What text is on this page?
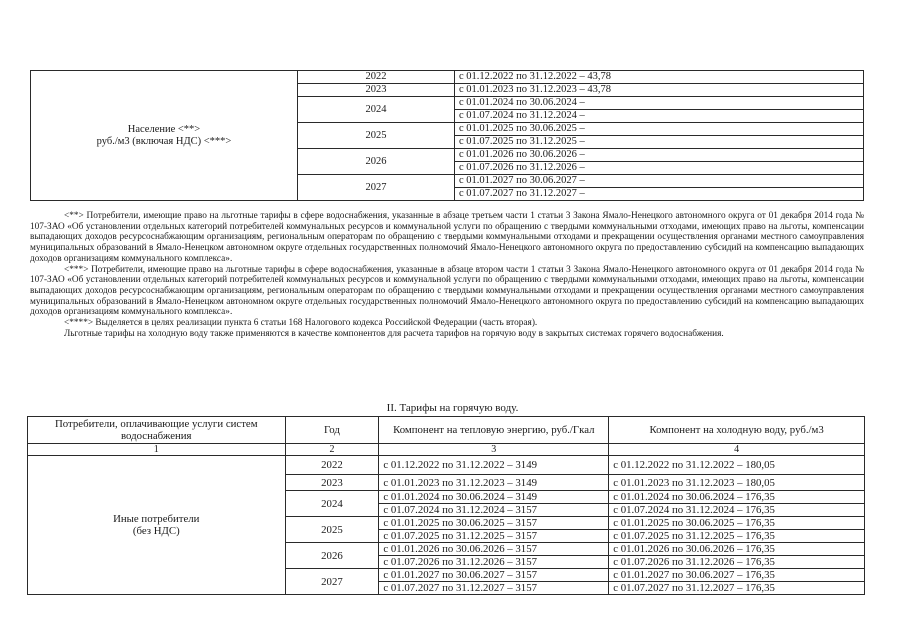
Население <**>
руб./м3 (включая НДС) <***>	2022	с 01.12.2022 по 31.12.2022 – 43,78
	2023	с 01.01.2023 по 31.12.2023 – 43,78
	2024	с 01.01.2024 по 30.06.2024 –
		с 01.07.2024 по 31.12.2024 –
	2025	с 01.01.2025 по 30.06.2025 –
		с 01.07.2025 по 31.12.2025 –
	2026	с 01.01.2026 по 30.06.2026 –
		с 01.07.2026 по 31.12.2026 –
	2027	с 01.01.2027 по 30.06.2027 –
		с 01.07.2027 по 31.12.2027 –

<**> Потребители, имеющие право на льготные тарифы в сфере водоснабжения, указанные в абзаце третьем части 1 статьи 3 Закона Ямало-Ненецкого автономного округа от 01 декабря 2014 года № 107-ЗАО «Об установлении отдельных категорий потребителей коммунальных ресурсов и коммунальной услуги по обращению с твердыми коммунальными отходами, имеющих право на льготы, компенсации выпадающих доходов ресурсоснабжающим организациям, региональным операторам по обращению с твердыми коммунальными отходами и прекращении осуществления органами местного самоуправления муниципальных образований в Ямало-Ненецком автономном округе отдельных государственных полномочий Ямало-Ненецкого автономного округа по предоставлению субсидий на компенсацию выпадающих доходов организациям коммунального комплекса».

<***> Потребители, имеющие право на льготные тарифы в сфере водоснабжения, указанные в абзаце втором части 1 статьи 3 Закона Ямало-Ненецкого автономного округа от 01 декабря 2014 года № 107-ЗАО «Об установлении отдельных категорий потребителей коммунальных ресурсов и коммунальной услуги по обращению с твердыми коммунальными отходами, имеющих право на льготы, компенсации выпадающих доходов ресурсоснабжающим организациям, региональным операторам по обращению с твердыми коммунальными отходами и прекращении осуществления органами местного самоуправления муниципальных образований в Ямало-Ненецком автономном округе отдельных государственных полномочий Ямало-Ненецкого автономного округа по предоставлению субсидий на компенсацию выпадающих доходов организациям коммунального комплекса».

<****> Выделяется в целях реализации пункта 6 статьи 168 Налогового кодекса Российской Федерации (часть вторая).

Льготные тарифы на холодную воду также применяются в качестве компонентов для расчета тарифов на горячую воду в закрытых системах горячего водоснабжения.

II. Тарифы на горячую воду.
Потребители, оплачивающие услуги систем водоснабжения	Год	Компонент на тепловую энергию, руб./Гкал	Компонент на холодную воду, руб./м3
1	2	3	4

Иные потребители
(без НДС)	2022	с 01.12.2022 по 31.12.2022 – 3149	с 01.12.2022 по 31.12.2022 – 180,05
	2023	с 01.01.2023 по 31.12.2023 – 3149	с 01.01.2023 по 31.12.2023 – 180,05
	2024	с 01.01.2024 по 30.06.2024 – 3149	с 01.01.2024 по 30.06.2024 – 176,35
		с 01.07.2024 по 31.12.2024 – 3157	с 01.07.2024 по 31.12.2024 – 176,35
	2025	с 01.01.2025 по 30.06.2025 – 3157	с 01.01.2025 по 30.06.2025 – 176,35
		с 01.07.2025 по 31.12.2025 – 3157	с 01.07.2025 по 31.12.2025 – 176,35
	2026	с 01.01.2026 по 30.06.2026 – 3157	с 01.01.2026 по 30.06.2026 – 176,35
		с 01.07.2026 по 31.12.2026 – 3157	с 01.07.2026 по 31.12.2026 – 176,35
	2027	с 01.01.2027 по 30.06.2027 – 3157	с 01.01.2027 по 30.06.2027 – 176,35
		с 01.07.2027 по 31.12.2027 – 3157	с 01.07.2027 по 31.12.2027 – 176,35
